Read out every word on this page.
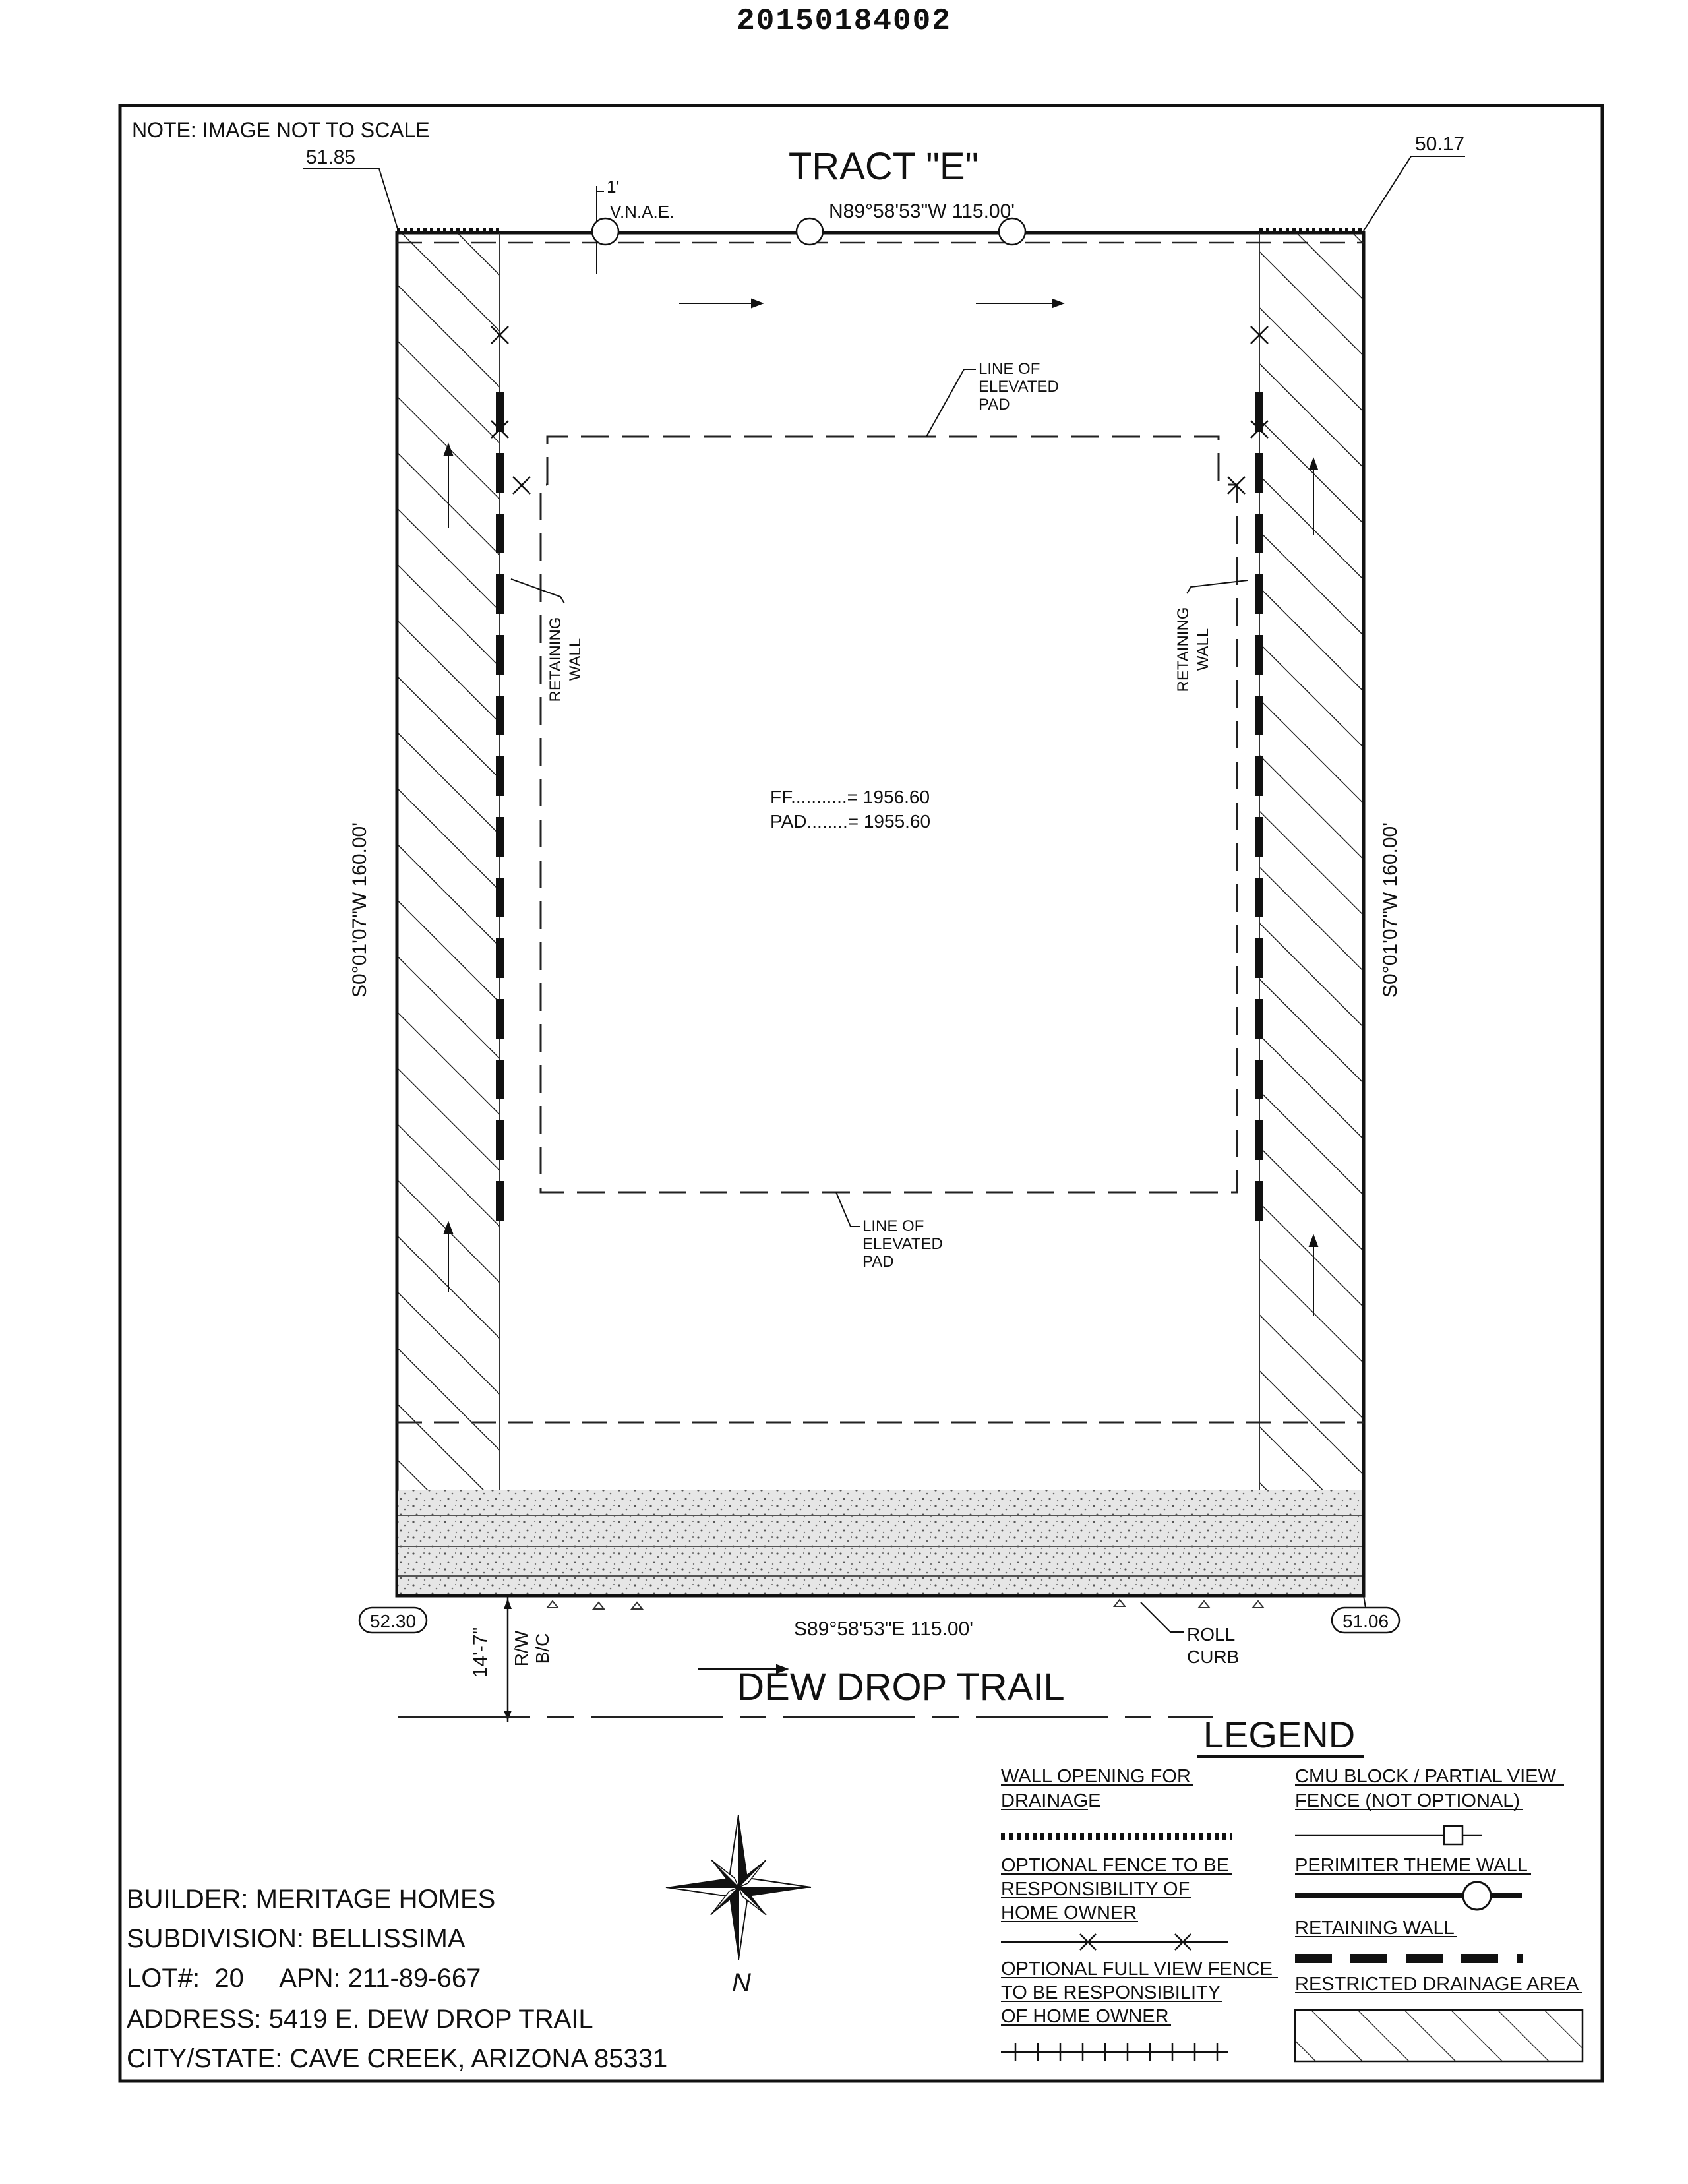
20150184002
NOTE: IMAGE NOT TO SCALE
51.85
50.17
TRACT "E"
1'
V.N.A.E.	N89°58'53"W 115.00'
LINE OF
ELEVATED
PAD
LINE OF
ELEVATED
PAD
RETAINING WALL	RETAINING WALL
FF...........= 1956.60
PAD........= 1955.60
S0°01'07"W 160.00'	S0°01'07"W 160.00'
52.30	51.06
S89°58'53"E 115.00'	ROLL
CURB
14'-7" R/W B/C
DEW DROP TRAIL
LEGEND
WALL OPENING FOR
DRAINAGE
OPTIONAL FENCE TO BE
RESPONSIBILITY OF
HOME OWNER
OPTIONAL FULL VIEW FENCE
TO BE RESPONSIBILITY
OF HOME OWNER
CMU BLOCK / PARTIAL VIEW
FENCE (NOT OPTIONAL)
PERIMITER THEME WALL
RETAINING WALL
RESTRICTED DRAINAGE AREA
N
BUILDER: MERITAGE HOMES
SUBDIVISION: BELLISSIMA
LOT#:  20     APN: 211-89-667
ADDRESS: 5419 E. DEW DROP TRAIL
CITY/STATE: CAVE CREEK, ARIZONA 85331
